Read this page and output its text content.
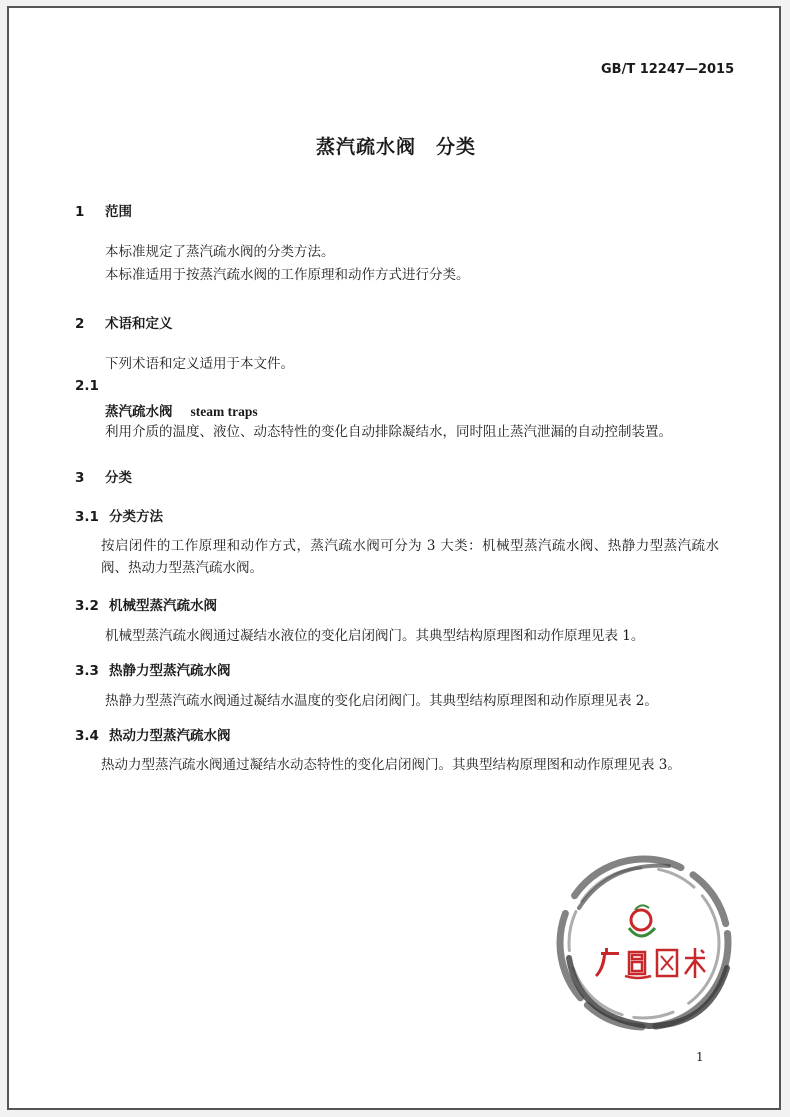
GB/T 12247—2015
蒸汽疏水阀　分类
1 范围
本标准规定了蒸汽疏水阀的分类方法。
本标准适用于按蒸汽疏水阀的工作原理和动作方式进行分类。
2 术语和定义
下列术语和定义适用于本文件。
2.1
蒸汽疏水阀 steam traps
利用介质的温度、液位、动态特性的变化自动排除凝结水，同时阻止蒸汽泄漏的自动控制装置。
3 分类
3.1 分类方法
按启闭件的工作原理和动作方式，蒸汽疏水阀可分为 3 大类：机械型蒸汽疏水阀、热静力型蒸汽疏水阀、热动力型蒸汽疏水阀。
3.2 机械型蒸汽疏水阀
机械型蒸汽疏水阀通过凝结水液位的变化启闭阀门。其典型结构原理图和动作原理见表 1。
3.3 热静力型蒸汽疏水阀
热静力型蒸汽疏水阀通过凝结水温度的变化启闭阀门。其典型结构原理图和动作原理见表 2。
3.4 热动力型蒸汽疏水阀
热动力型蒸汽疏水阀通过凝结水动态特性的变化启闭阀门。其典型结构原理图和动作原理见表 3。
1
